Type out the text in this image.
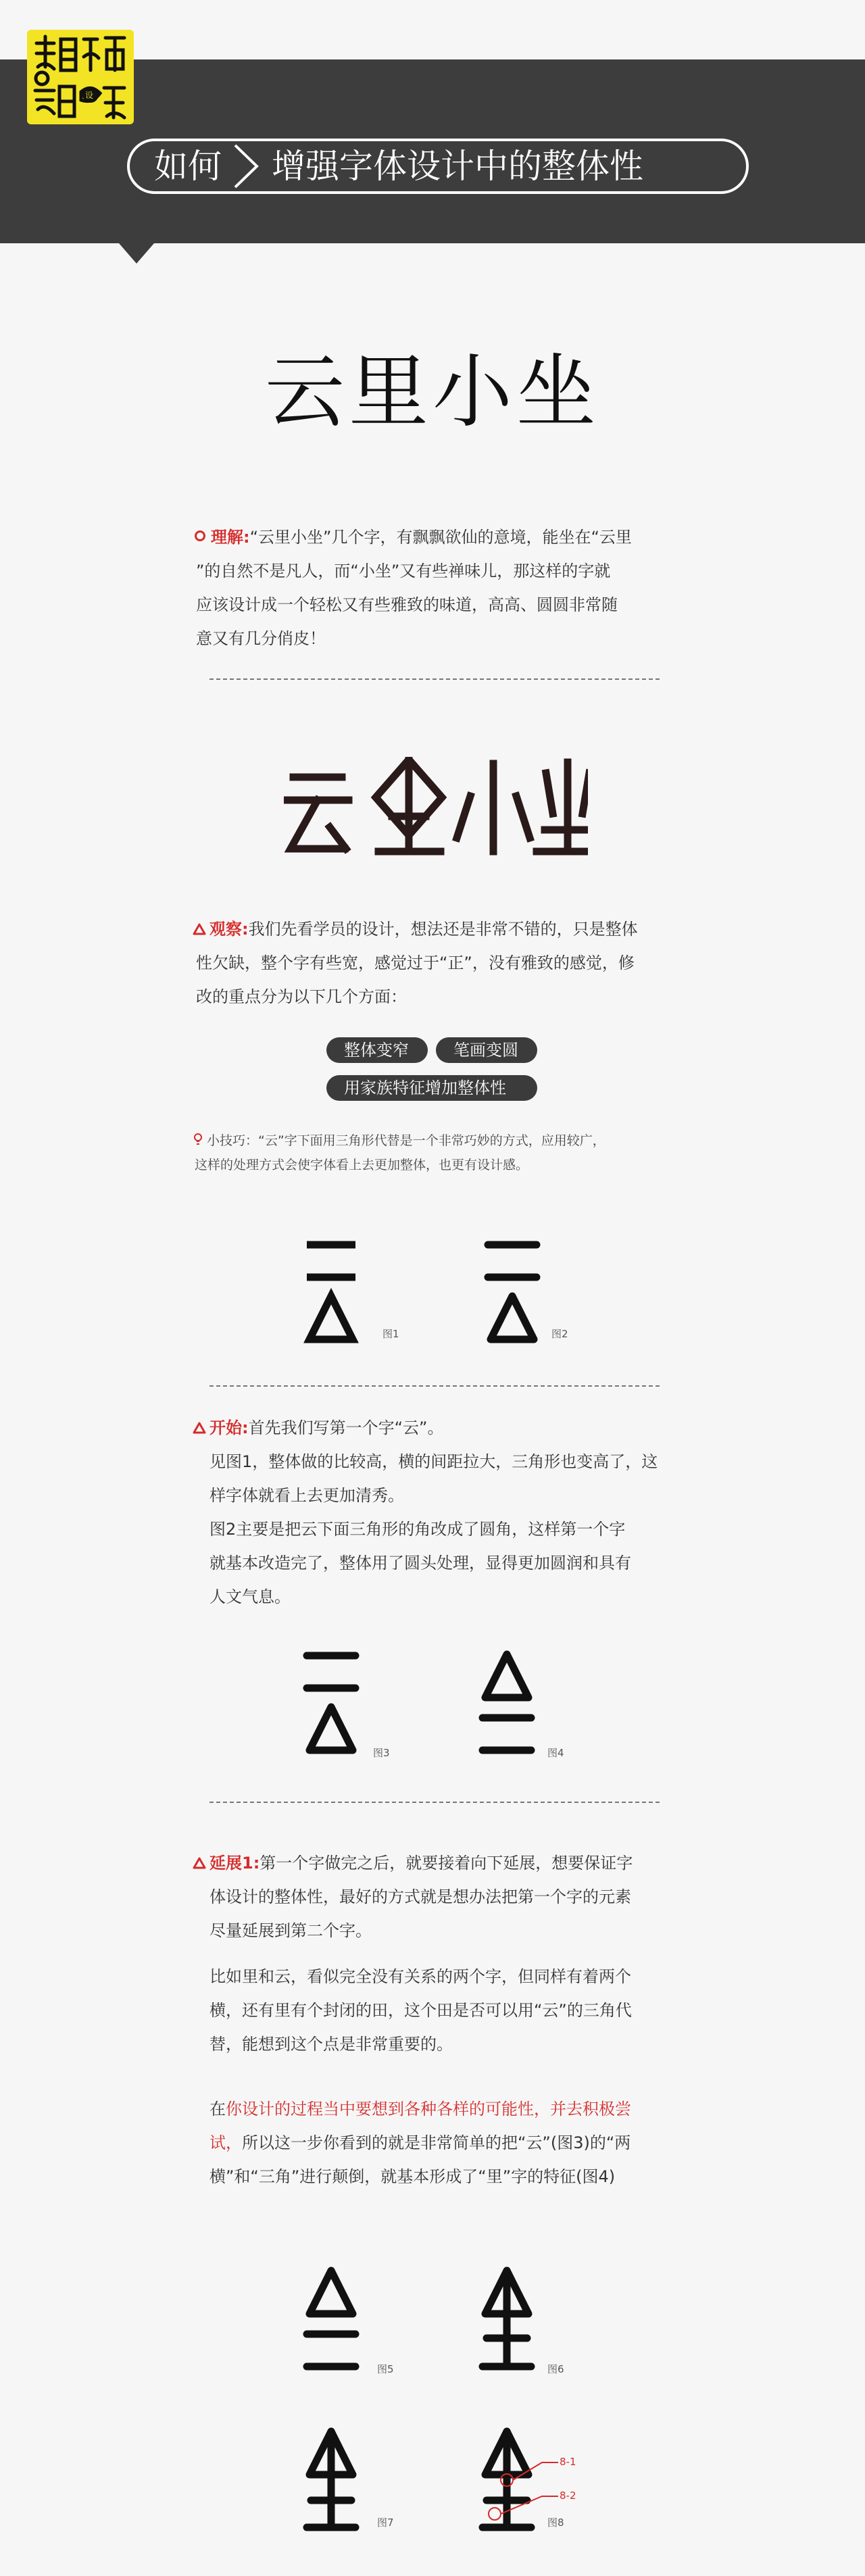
设
如何 增强字体设计中的整体性
云里小坐
理解:“云里小坐”几个字，有飘飘欲仙的意境，能坐在“云里
”的自然不是凡人，而“小坐”又有些禅味儿，那这样的字就
应该设计成一个轻松又有些雅致的味道，高高、圆圆非常随
意又有几分俏皮！
观察:我们先看学员的设计，想法还是非常不错的，只是整体
性欠缺，整个字有些宽，感觉过于“正”，没有雅致的感觉，修
改的重点分为以下几个方面：
整体变窄	笔画变圆
用家族特征增加整体性
小技巧：“云”字下面用三角形代替是一个非常巧妙的方式，应用较广，
这样的处理方式会使字体看上去更加整体，也更有设计感。
图1	图2
开始:首先我们写第一个字“云”。
见图1，整体做的比较高，横的间距拉大，三角形也变高了，这
样字体就看上去更加清秀。
图2主要是把云下面三角形的角改成了圆角，这样第一个字
就基本改造完了，整体用了圆头处理，显得更加圆润和具有
人文气息。
图3	图4
延展1:第一个字做完之后，就要接着向下延展，想要保证字
体设计的整体性，最好的方式就是想办法把第一个字的元素
尽量延展到第二个字。
比如里和云，看似完全没有关系的两个字，但同样有着两个
横，还有里有个封闭的田，这个田是否可以用“云”的三角代
替，能想到这个点是非常重要的。
在你设计的过程当中要想到各种各样的可能性，并去积极尝
试，所以这一步你看到的就是非常简单的把“云”(图3)的“两
横”和“三角”进行颠倒，就基本形成了“里”字的特征(图4)
图5	图6
图7
8-1
8-2
图8
